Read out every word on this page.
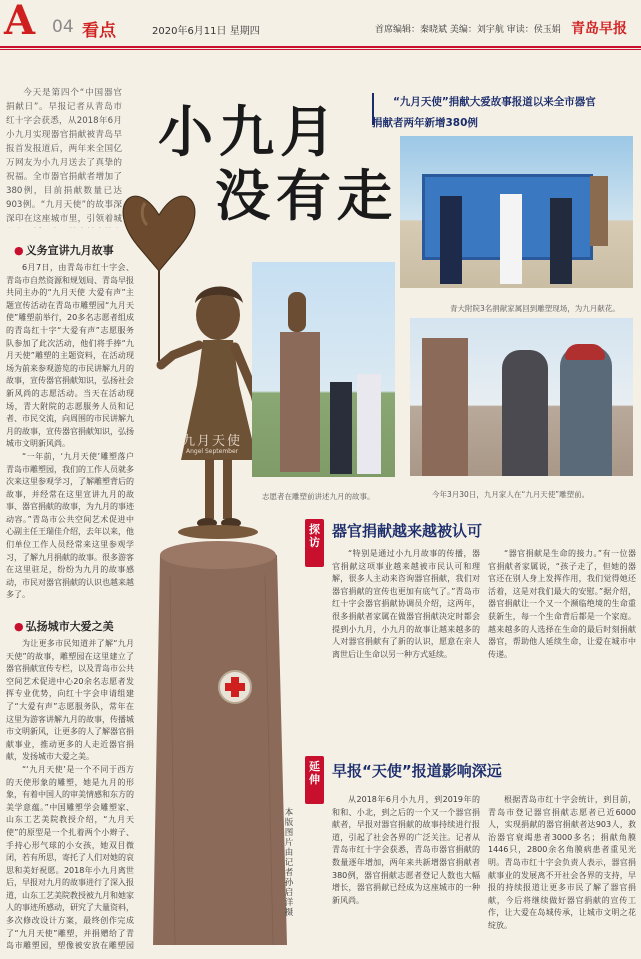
A 04 看点	2020年6月11日 星期四	首席编辑：秦晓斌 美编：刘宇航 审读：侯玉娟 青岛早报
九月天使
Angel September
小九月
没有走
“九月天使”捐献大爱故事报道以来全市器官
捐献者两年新增380例

今天是第四个“中国器官捐献日”。早报记者从青岛市红十字会获悉，从2018年6月小九月实现器官捐献被青岛早报首发报道后，两年来全国亿万网友为小九月送去了真挚的祝福。全市器官捐献者增加了380例，目前捐献数量已达903例。“九月天使”的故事深深印在这座城市里，引领着城

● 义务宣讲九月故事

6月7日，由青岛市红十字会、青岛市自然资源和规划局、青岛早报共同主办的“九月天使 大爱有声”主题宣传活动在青岛市雕塑园“九月天使”雕塑前举行，20多名志愿者组成的青岛红十字“大爱有声”志愿服务队参加了此次活动，他们将手捧“九月天使”雕塑的主题资料，在活动现场为前来参观游览的市民讲解九月的故事，宣传器官捐献知识，弘扬社会新风尚的志愿活动。当天在活动现场，青大附院的志愿服务人员和记者、市民交流，向周围的市民讲解九月的故事，宣传器官捐献知识，弘扬城市文明新风尚。

“一年前，‘九月天使’雕塑落户青岛市雕塑园，我们的工作人员就多次来这里参观学习，了解雕塑背后的故事，并经常在这里宣讲九月的故事、器官捐献的故事，为九月的事迹动容。”青岛市公共空间艺术促进中心副主任王瑞佳介绍，去年以来，他们单位工作人员经常来这里参观学习，了解九月捐献的故事。很多游客在这里驻足，纷纷为九月的故事感动，市民对器官捐献的认识也越来越多了。

● 弘扬城市大爱之美

为让更多市民知道并了解“九月天使”的故事，雕塑园在这里建立了器官捐献宣传专栏，以及青岛市公共空间艺术促进中心20余名志愿者发挥专业优势，向红十字会申请组建了“大爱有声”志愿服务队，常年在这里为游客讲解九月的故事，传播城市文明新风，让更多的人了解器官捐献事业，推动更多的人走近器官捐献，发扬城市大爱之美。

“‘九月天使’是一个不同于西方的天使形象的雕塑，她是九月的形象，有着中国人的审美情感和东方的美学意蕴。”中国雕塑学会雕塑家、山东工艺美院教授介绍，“九月天使”的原型是一个扎着两个小辫子、手持心形气球的小女孩，她双目微闭，若有所思，寄托了人们对她的哀思和美好祝愿。2018年小九月离世后，早报对九月的故事进行了深入报道，山东工艺美院教授被九月和她家人的事迹所感动，研究了大量资料，多次修改设计方案，最终创作完成了“九月天使”雕塑，并捐赠给了青岛市雕塑园，塑像被安放在雕塑园

青大附院3名捐献家属回到雕塑现场，为九月献花。
志愿者在雕塑前讲述九月的故事。	今年3月30日，九月家人在“九月天使”雕塑前。
探
访
器官捐献越来越被认可

“特别是通过小九月故事的传播，器官捐献这项事业越来越被市民认可和理解，很多人主动来咨询器官捐献，我们对器官捐献的宣传也更加有底气了。”青岛市红十字会器官捐献协调员介绍，这两年，很多捐献者家属在做器官捐献决定时都会提到小九月，小九月的故事让越来越多的人对器官捐献有了新的认识，愿意在亲人离世后让生命以另一种方式延续。

“器官捐献是生命的接力。”有一位器官捐献者家属说，“孩子走了，但她的器官还在别人身上发挥作用，我们觉得她还活着，这是对我们最大的安慰。”据介绍，器官捐献让一个又一个濒临绝境的生命重获新生，每一个生命背后都是一个家庭。越来越多的人选择在生命的最后时刻捐献器官，帮助他人延续生命，让爱在城市中传递。

延
伸 早报“天使”报道影响深远

从2018年6月小九月，到2019年的和和、小北，到之后的一个又一个器官捐献者，早报对器官捐献的故事持续进行报道，引起了社会各界的广泛关注。记者从青岛市红十字会获悉，青岛市器官捐献的数量逐年增加，两年来共新增器官捐献者380例，器官捐献志愿者登记人数也大幅增长，器官捐献已经成为这座城市的一种新风尚。

根据青岛市红十字会统计，到目前，青岛市登记器官捐献志愿者已近6000人，实现捐献的器官捐献者达903人，救治器官衰竭患者3000多名；捐献角膜1446只，2800余名角膜病患者重见光明。青岛市红十字会负责人表示，器官捐献事业的发展离不开社会各界的支持，早报的持续报道让更多市民了解了器官捐献，今后将继续做好器官捐献的宣传工作，让大爱在岛城传承，让城市文明之花绽放。

本版图片由记者孙启洋摄
